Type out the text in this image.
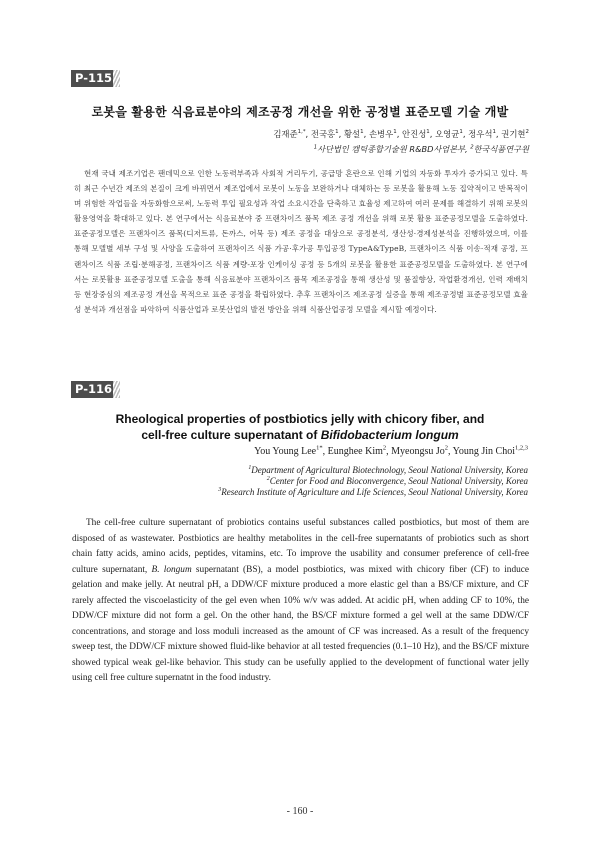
P-115
로봇을 활용한 식음료분야의 제조공정 개선을 위한 공정별 표준모델 기술 개발
김재준$^{1,*}$, 전국홍$^1$, 황설$^1$, 손병우$^1$, 안진성$^1$, 오영균$^1$, 정우석$^1$, 권기현$^2$
$^1$사단법인 캠틱종합기술원 R&BD사업본부, $^2$한국식품연구원

현재 국내 제조기업은 팬데믹으로 인한 노동력부족과 사회적 거리두기, 공급망 혼란으로 인해 기업의 자동화 투자가 증가되고 있다. 특히 최근 수년간 제조의 본질이 크게 바뀌면서 제조업에서 로봇이 노동을 보완하거나 대체하는 등 로봇을 활용해 노동 집약적이고 반복적이며 위험한 작업들을 자동화함으로써, 노동력 투입 필요성과 작업 소요시간을 단축하고 효율성 제고하여 여러 문제를 해결하기 위해 로봇의 활용영역을 확대하고 있다. 본 연구에서는 식음료분야 중 프랜차이즈 품목 제조 공정 개선을 위해 로봇 활용 표준공정모델을 도출하였다. 표준공정모델은 프랜차이즈 품목(디저트류, 돈까스, 어묵 등) 제조 공정을 대상으로 공정분석, 생산성·경제성분석을 진행하였으며, 이를 통해 모델별 세부 구성 및 사양을 도출하여 프랜차이즈 식품 가공·후가공 투입공정 TypeA&TypeB, 프랜차이즈 식품 이송·적재 공정, 프랜차이즈 식품 조립·분해공정, 프랜차이즈 식품 계량-포장 인케이싱 공정 등 5개의 로봇을 활용한 표준공정모델을 도출하였다. 본 연구에서는 로봇활용 표준공정모델 도출을 통해 식음료분야 프랜차이즈 품목 제조공정을 통해 생산성 및 품질향상, 작업환경개선, 인력 재배치 등 현장중심의 제조공정 개선을 목적으로 표준 공정을 확립하였다. 추후 프랜차이즈 제조공정 실증을 통해 제조공정별 표준공정모델 효율성 분석과 개선점을 파악하여 식품산업과 로봇산업의 발전 방안을 위해 식품산업공정 모델을 제시할 예정이다.

P-116
Rheological properties of postbiotics jelly with chicory fiber, and
cell-free culture supernatant of Bifidobacterium longum
You Young Lee$^{1*}$, Eunghee Kim$^2$, Myeongsu Jo$^2$, Young Jin Choi$^{1,2,3}$
$^1$Department of Agricultural Biotechnology, Seoul National University, Korea
$^2$Center for Food and Bioconvergence, Seoul National University, Korea
$^3$Research Institute of Agriculture and Life Sciences, Seoul National University, Korea

The cell-free culture supernatant of probiotics contains useful substances called postbiotics, but most of them are disposed of as wastewater. Postbiotics are healthy metabolites in the cell-free supernatants of probiotics such as short chain fatty acids, amino acids, peptides, vitamins, etc. To improve the usability and consumer preference of cell-free culture supernatant, B. longum supernatant (BS), a model postbiotics, was mixed with chicory fiber (CF) to induce gelation and make jelly. At neutral pH, a DDW/CF mixture produced a more elastic gel than a BS/CF mixture, and CF rarely affected the viscoelasticity of the gel even when 10% w/v was added. At acidic pH, when adding CF to 10%, the DDW/CF mixture did not form a gel. On the other hand, the BS/CF mixture formed a gel well at the same DDW/CF concentrations, and storage and loss moduli increased as the amount of CF was increased. As a result of the frequency sweep test, the DDW/CF mixture showed fluid-like behavior at all tested frequencies (0.1–10 Hz), and the BS/CF mixture showed typical weak gel-like behavior. This study can be usefully applied to the development of functional water jelly using cell free culture supernatnt in the food industry.

- 160 -
